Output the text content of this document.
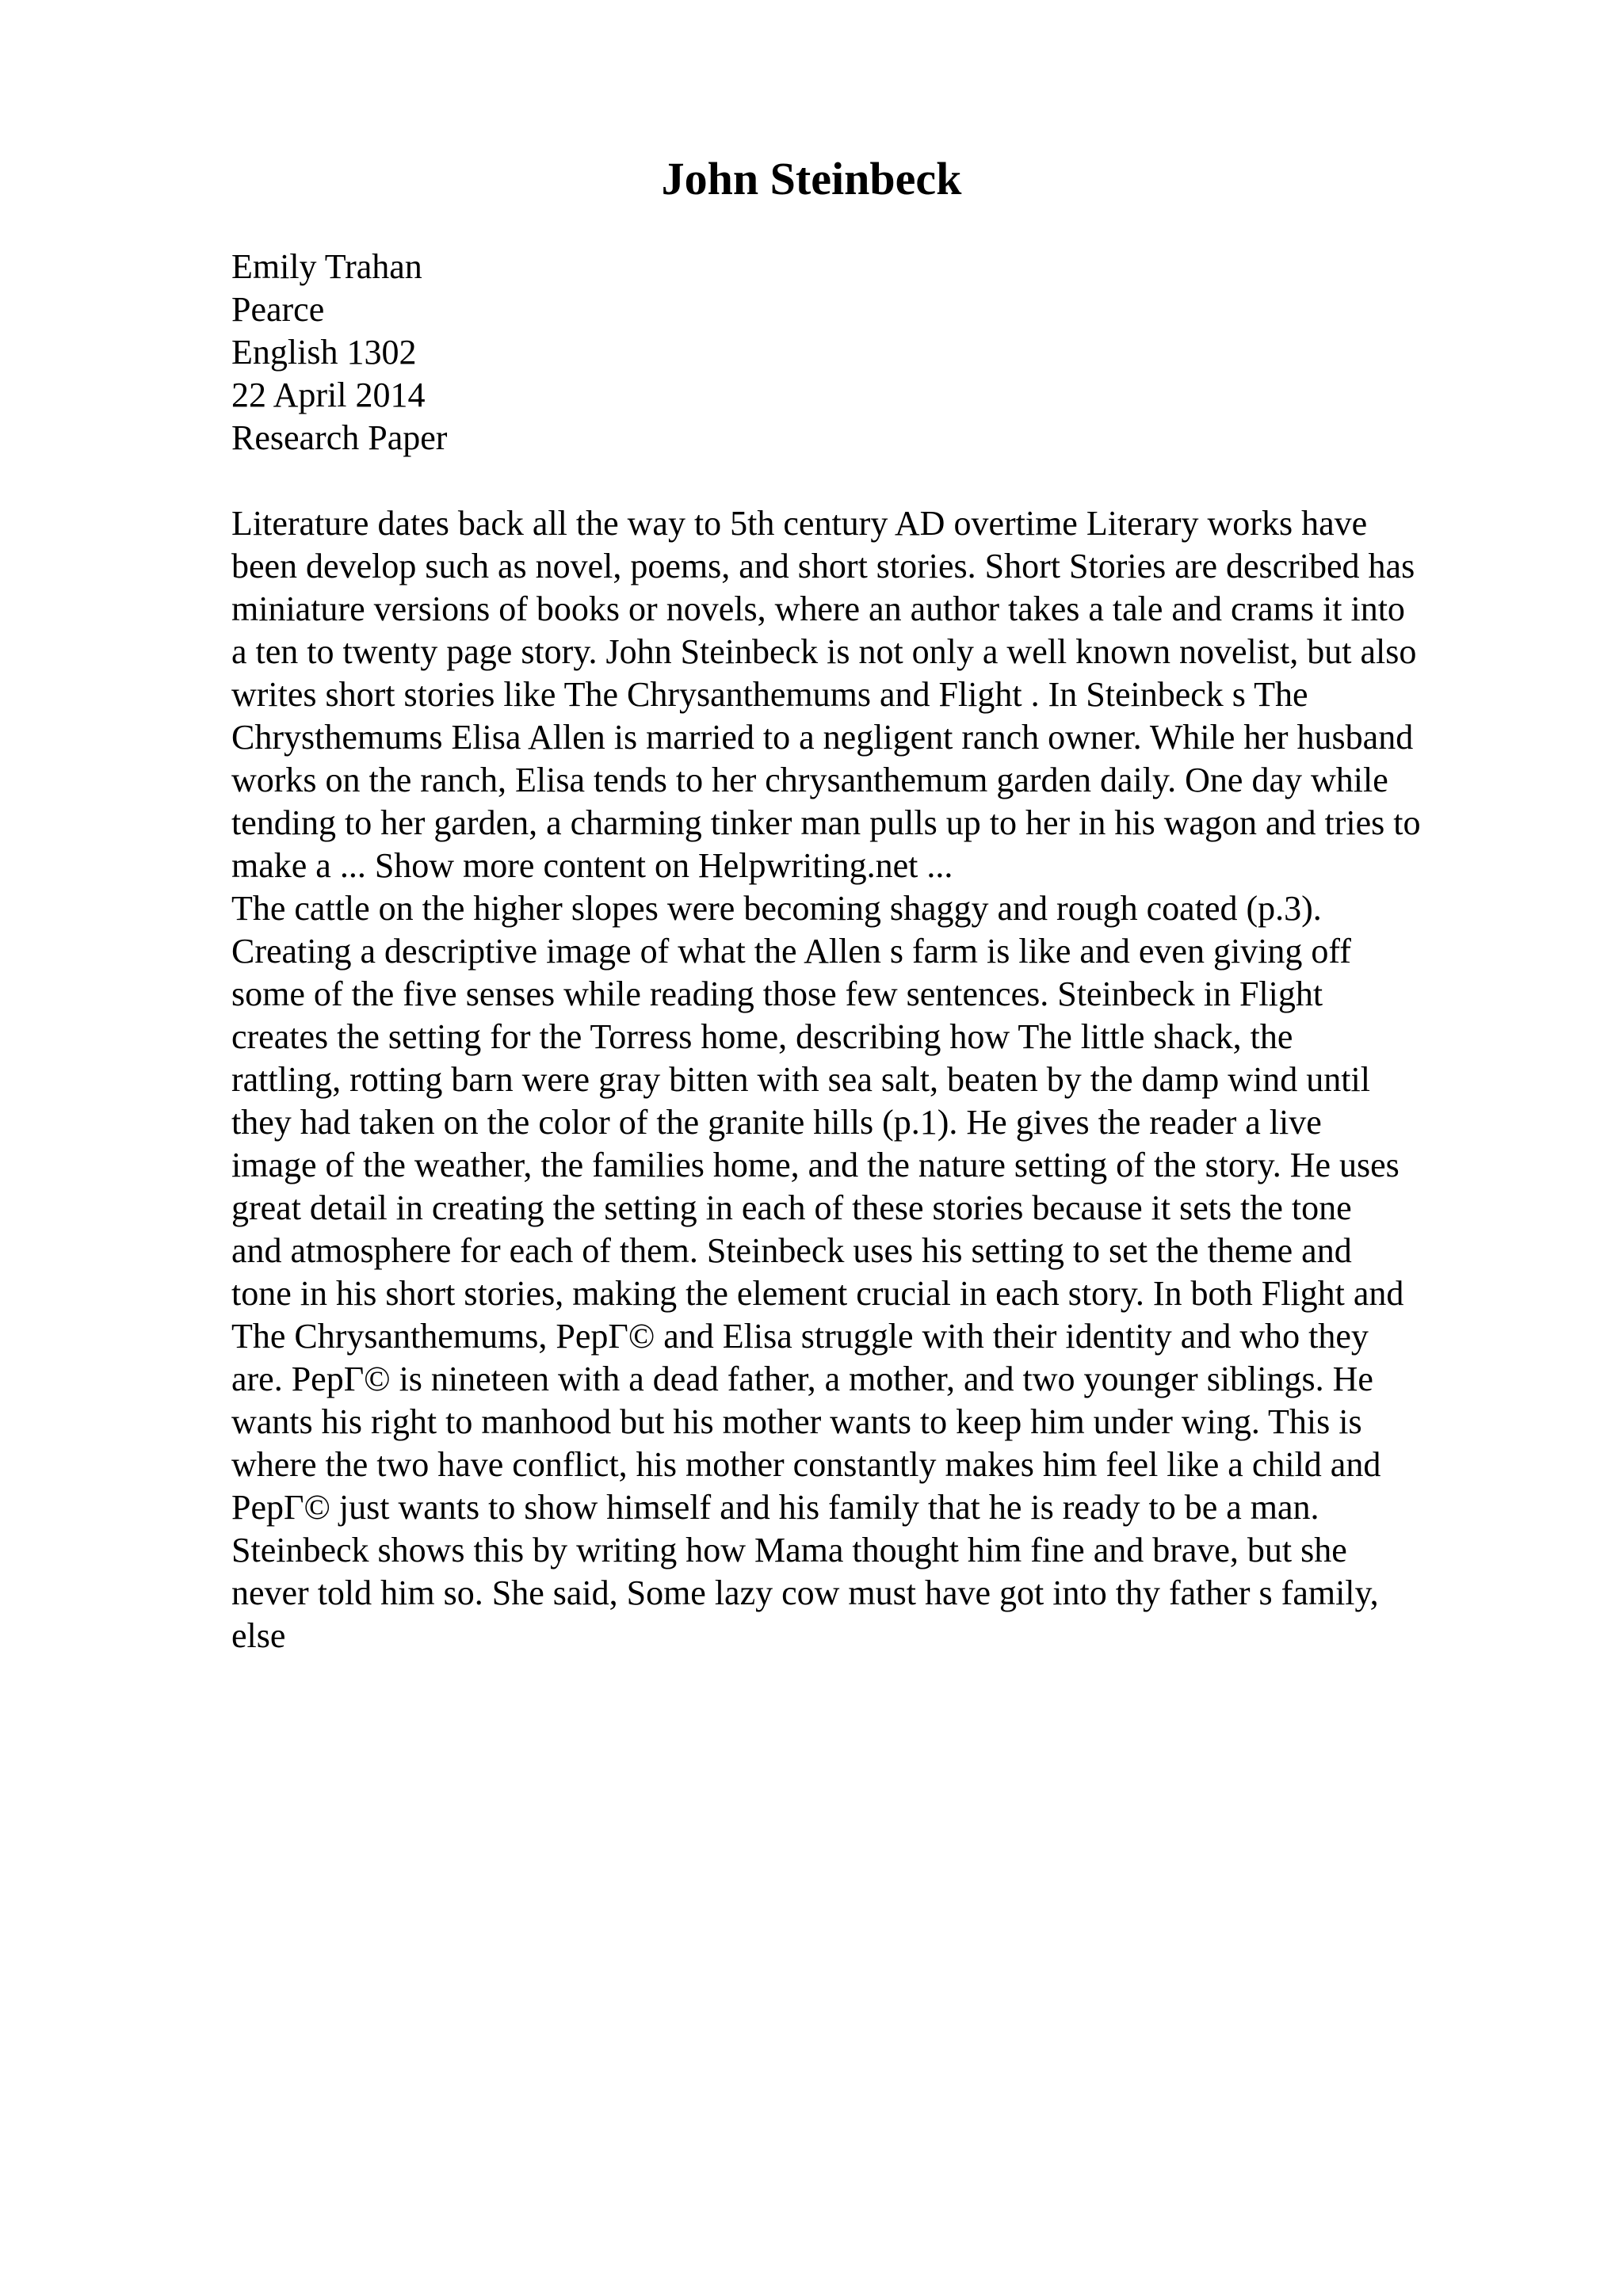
John Steinbeck
Emily Trahan
Pearce
English 1302
22 April 2014
Research Paper
Literature dates back all the way to 5th century AD overtime Literary works have
been develop such as novel, poems, and short stories. Short Stories are described has
miniature versions of books or novels, where an author takes a tale and crams it into
a ten to twenty page story. John Steinbeck is not only a well known novelist, but also
writes short stories like The Chrysanthemums and Flight . In Steinbeck s The
Chrysthemums Elisa Allen is married to a negligent ranch owner. While her husband
works on the ranch, Elisa tends to her chrysanthemum garden daily. One day while
tending to her garden, a charming tinker man pulls up to her in his wagon and tries to
make a ... Show more content on Helpwriting.net ...
The cattle on the higher slopes were becoming shaggy and rough coated (p.3).
Creating a descriptive image of what the Allen s farm is like and even giving off
some of the five senses while reading those few sentences. Steinbeck in Flight
creates the setting for the Torress home, describing how The little shack, the
rattling, rotting barn were gray bitten with sea salt, beaten by the damp wind until
they had taken on the color of the granite hills (p.1). He gives the reader a live
image of the weather, the families home, and the nature setting of the story. He uses
great detail in creating the setting in each of these stories because it sets the tone
and atmosphere for each of them. Steinbeck uses his setting to set the theme and
tone in his short stories, making the element crucial in each story. In both Flight and
The Chrysanthemums, PepГ© and Elisa struggle with their identity and who they
are. PepГ© is nineteen with a dead father, a mother, and two younger siblings. He
wants his right to manhood but his mother wants to keep him under wing. This is
where the two have conflict, his mother constantly makes him feel like a child and
PepГ© just wants to show himself and his family that he is ready to be a man.
Steinbeck shows this by writing how Mama thought him fine and brave, but she
never told him so. She said, Some lazy cow must have got into thy father s family,
else
